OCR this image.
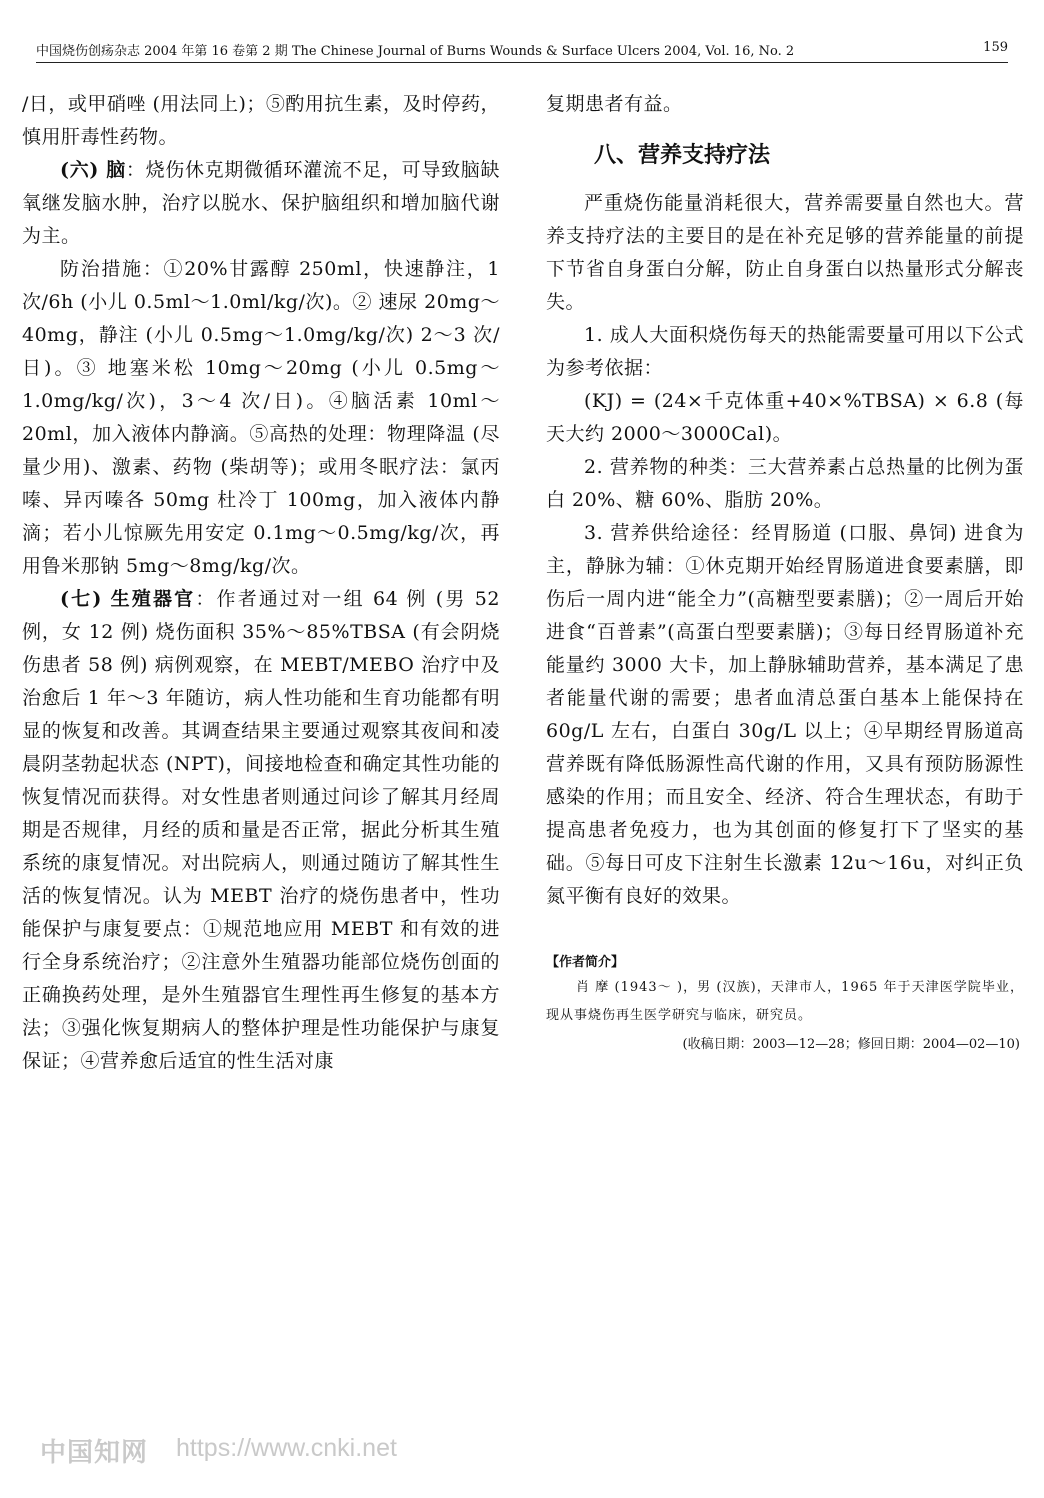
中国烧伤创疡杂志 2004 年第 16 卷第 2 期 The Chinese Journal of Burns Wounds & Surface Ulcers 2004, Vol. 16, No. 2	159

/日，或甲硝唑 (用法同上)；⑤酌用抗生素，及时停药，慎用肝毒性药物。

(六) 脑：烧伤休克期微循环灌流不足，可导致脑缺氧继发脑水肿，治疗以脱水、保护脑组织和增加脑代谢为主。

防治措施：①20%甘露醇 250ml，快速静注，1 次/6h (小儿 0.5ml～1.0ml/kg/次)。② 速尿 20mg～40mg，静注 (小儿 0.5mg～1.0mg/kg/次) 2～3 次/日)。③ 地塞米松 10mg～20mg (小儿 0.5mg～1.0mg/kg/次)，3～4 次/日)。④脑活素 10ml～20ml，加入液体内静滴。⑤高热的处理：物理降温 (尽量少用)、激素、药物 (柴胡等)；或用冬眠疗法：氯丙嗪、异丙嗪各 50mg 杜冷丁 100mg，加入液体内静滴；若小儿惊厥先用安定 0.1mg～0.5mg/kg/次，再用鲁米那钠 5mg～8mg/kg/次。

(七) 生殖器官：作者通过对一组 64 例 (男 52 例，女 12 例) 烧伤面积 35%～85%TBSA (有会阴烧伤患者 58 例) 病例观察，在 MEBT/MEBO 治疗中及治愈后 1 年～3 年随访，病人性功能和生育功能都有明显的恢复和改善。其调查结果主要通过观察其夜间和凌晨阴茎勃起状态 (NPT)，间接地检查和确定其性功能的恢复情况而获得。对女性患者则通过问诊了解其月经周期是否规律，月经的质和量是否正常，据此分析其生殖系统的康复情况。对出院病人，则通过随访了解其性生活的恢复情况。认为 MEBT 治疗的烧伤患者中，性功能保护与康复要点：①规范地应用 MEBT 和有效的进行全身系统治疗；②注意外生殖器功能部位烧伤创面的正确换药处理，是外生殖器官生理性再生修复的基本方法；③强化恢复期病人的整体护理是性功能保护与康复保证；④营养愈后适宜的性生活对康

复期患者有益。

八、营养支持疗法

严重烧伤能量消耗很大，营养需要量自然也大。营养支持疗法的主要目的是在补充足够的营养能量的前提下节省自身蛋白分解，防止自身蛋白以热量形式分解丧失。

1. 成人大面积烧伤每天的热能需要量可用以下公式为参考依据：

(KJ) = (24×千克体重+40×%TBSA) × 6.8 (每天大约 2000～3000Cal)。

2. 营养物的种类：三大营养素占总热量的比例为蛋白 20%、糖 60%、脂肪 20%。

3. 营养供给途径：经胃肠道 (口服、鼻饲) 进食为主，静脉为辅：①休克期开始经胃肠道进食要素膳，即伤后一周内进“能全力”(高糖型要素膳)；②一周后开始进食“百普素”(高蛋白型要素膳)；③每日经胃肠道补充能量约 3000 大卡，加上静脉辅助营养，基本满足了患者能量代谢的需要；患者血清总蛋白基本上能保持在 60g/L 左右，白蛋白 30g/L 以上；④早期经胃肠道高营养既有降低肠源性高代谢的作用，又具有预防肠源性感染的作用；而且安全、经济、符合生理状态，有助于提高患者免疫力，也为其创面的修复打下了坚实的基础。⑤每日可皮下注射生长激素 12u～16u，对纠正负氮平衡有良好的效果。

【作者简介】

肖 摩 (1943～ )，男 (汉族)，天津市人，1965 年于天津医学院毕业，现从事烧伤再生医学研究与临床，研究员。

(收稿日期：2003—12—28；修回日期：2004—02—10)

中国知网 https://www.cnki.net
